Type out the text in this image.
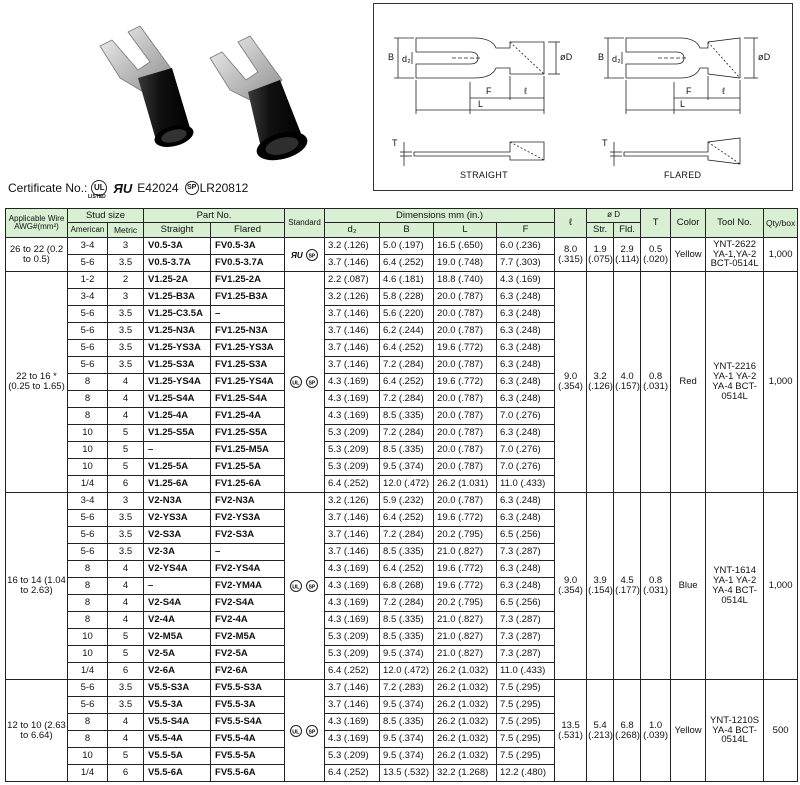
Certificate No.: UL ЯU E42024	SP LR20812
LISTED
B d₂	øD
F	ℓ
L
T
B d₂	øD
F	ℓ
L
T
STRAIGHT	FLARED
Applicable Wire AWG#(mm²)	Stud size		Part No.		Standard	Dimensions mm (in.)				ℓ	ø D		T	Color	Tool No.	Qty/box
	American	Metric	Straight	Flared		d₂	B	L	F		Str.	Fld.				

26 to 22 (0.2 to 0.5)	3-4	3	V0.5-3A	FV0.5-3A	ЯU SP	3.2 (.126)	5.0 (.197)	16.5 (.650)	6.0 (.236)	8.0 (.315)	1.9 (.075)	2.9 (.114)	0.5 (.020)	Yellow	YNT-2622 YA-1,YA-2 BCT-0514L	1,000
	5-6	3.5	V0.5-3.7A	FV0.5-3.7A		3.7 (.146)	6.4 (.252)	19.0 (.748)	7.7 (.303)							
22 to 16 *(0.25 to 1.65)	1-2	2	V1.25-2A	FV1.25-2A	UL SP	2.2 (.087)	4.6 (.181)	18.8 (.740)	4.3 (.169)	9.0 (.354)	3.2 (.126)	4.0 (.157)	0.8 (.031)	Red	YNT-2216 YA-1 YA-2 YA-4 BCT-0514L	1,000
	3-4	3	V1.25-B3A	FV1.25-B3A		3.2 (.126)	5.8 (.228)	20.0 (.787)	6.3 (.248)							
	5-6	3.5	V1.25-C3.5A	–		3.7 (.146)	5.6 (.220)	20.0 (.787)	6.3 (.248)							
	5-6	3.5	V1.25-N3A	FV1.25-N3A		3.7 (.146)	6.2 (.244)	20.0 (.787)	6.3 (.248)							
	5-6	3.5	V1.25-YS3A	FV1.25-YS3A		3.7 (.146)	6.4 (.252)	19.6 (.772)	6.3 (.248)							
	5-6	3.5	V1.25-S3A	FV1.25-S3A		3.7 (.146)	7.2 (.284)	20.0 (.787)	6.3 (.248)							
	8	4	V1.25-YS4A	FV1.25-YS4A		4.3 (.169)	6.4 (.252)	19.6 (.772)	6.3 (.248)							
	8	4	V1.25-S4A	FV1.25-S4A		4.3 (.169)	7.2 (.284)	20.0 (.787)	6.3 (.248)							
	8	4	V1.25-4A	FV1.25-4A		4.3 (.169)	8.5 (.335)	20.0 (.787)	7.0 (.276)							
	10	5	V1.25-S5A	FV1.25-S5A		5.3 (.209)	7.2 (.284)	20.0 (.787)	6.3 (.248)							
	10	5	–	FV1.25-M5A		5.3 (.209)	8.5 (.335)	20.0 (.787)	7.0 (.276)							
	10	5	V1.25-5A	FV1.25-5A		5.3 (.209)	9.5 (.374)	20.0 (.787)	7.0 (.276)							
	1/4	6	V1.25-6A	FV1.25-6A		6.4 (.252)	12.0 (.472)	26.2 (1.031)	11.0 (.433)							
16 to 14 (1.04 to 2.63)	3-4	3	V2-N3A	FV2-N3A	UL SP	3.2 (.126)	5.9 (.232)	20.0 (.787)	6.3 (.248)	9.0 (.354)	3.9 (.154)	4.5 (.177)	0.8 (.031)	Blue	YNT-1614 YA-1 YA-2 YA-4 BCT-0514L	1,000
	5-6	3.5	V2-YS3A	FV2-YS3A		3.7 (.146)	6.4 (.252)	19.6 (.772)	6.3 (.248)							
	5-6	3.5	V2-S3A	FV2-S3A		3.7 (.146)	7.2 (.284)	20.2 (.795)	6.5 (.256)							
	5-6	3.5	V2-3A	–		3.7 (.146)	8.5 (.335)	21.0 (.827)	7.3 (.287)							
	8	4	V2-YS4A	FV2-YS4A		4.3 (.169)	6.4 (.252)	19.6 (.772)	6.3 (.248)							
	8	4	–	FV2-YM4A		4.3 (.169)	6.8 (.268)	19.6 (.772)	6.3 (.248)							
	8	4	V2-S4A	FV2-S4A		4.3 (.169)	7.2 (.284)	20.2 (.795)	6.5 (.256)							
	8	4	V2-4A	FV2-4A		4.3 (.169)	8.5 (.335)	21.0 (.827)	7.3 (.287)							
	10	5	V2-M5A	FV2-M5A		5.3 (.209)	8.5 (.335)	21.0 (.827)	7.3 (.287)							
	10	5	V2-5A	FV2-5A		5.3 (.209)	9.5 (.374)	21.0 (.827)	7.3 (.287)							
	1/4	6	V2-6A	FV2-6A		6.4 (.252)	12.0 (.472)	26.2 (1.032)	11.0 (.433)							
12 to 10 (2.63 to 6.64)	5-6	3.5	V5.5-S3A	FV5.5-S3A	UL SP	3.7 (.146)	7.2 (.283)	26.2 (1.032)	7.5 (.295)	13.5 (.531)	5.4 (.213)	6.8 (.268)	1.0 (.039)	Yellow	YNT-1210S YA-4 BCT-0514L	500
	5-6	3.5	V5.5-3A	FV5.5-3A		3.7 (.146)	9.5 (.374)	26.2 (1.032)	7.5 (.295)							
	8	4	V5.5-S4A	FV5.5-S4A		4.3 (.169)	8.5 (.335)	26.2 (1.032)	7.5 (.295)							
	8	4	V5.5-4A	FV5.5-4A		4.3 (.169)	9.5 (.374)	26.2 (1.032)	7.5 (.295)							
	10	5	V5.5-5A	FV5.5-5A		5.3 (.209)	9.5 (.374)	26.2 (1.032)	7.5 (.295)							
	1/4	6	V5.5-6A	FV5.5-6A		6.4 (.252)	13.5 (.532)	32.2 (1.268)	12.2 (.480)							
